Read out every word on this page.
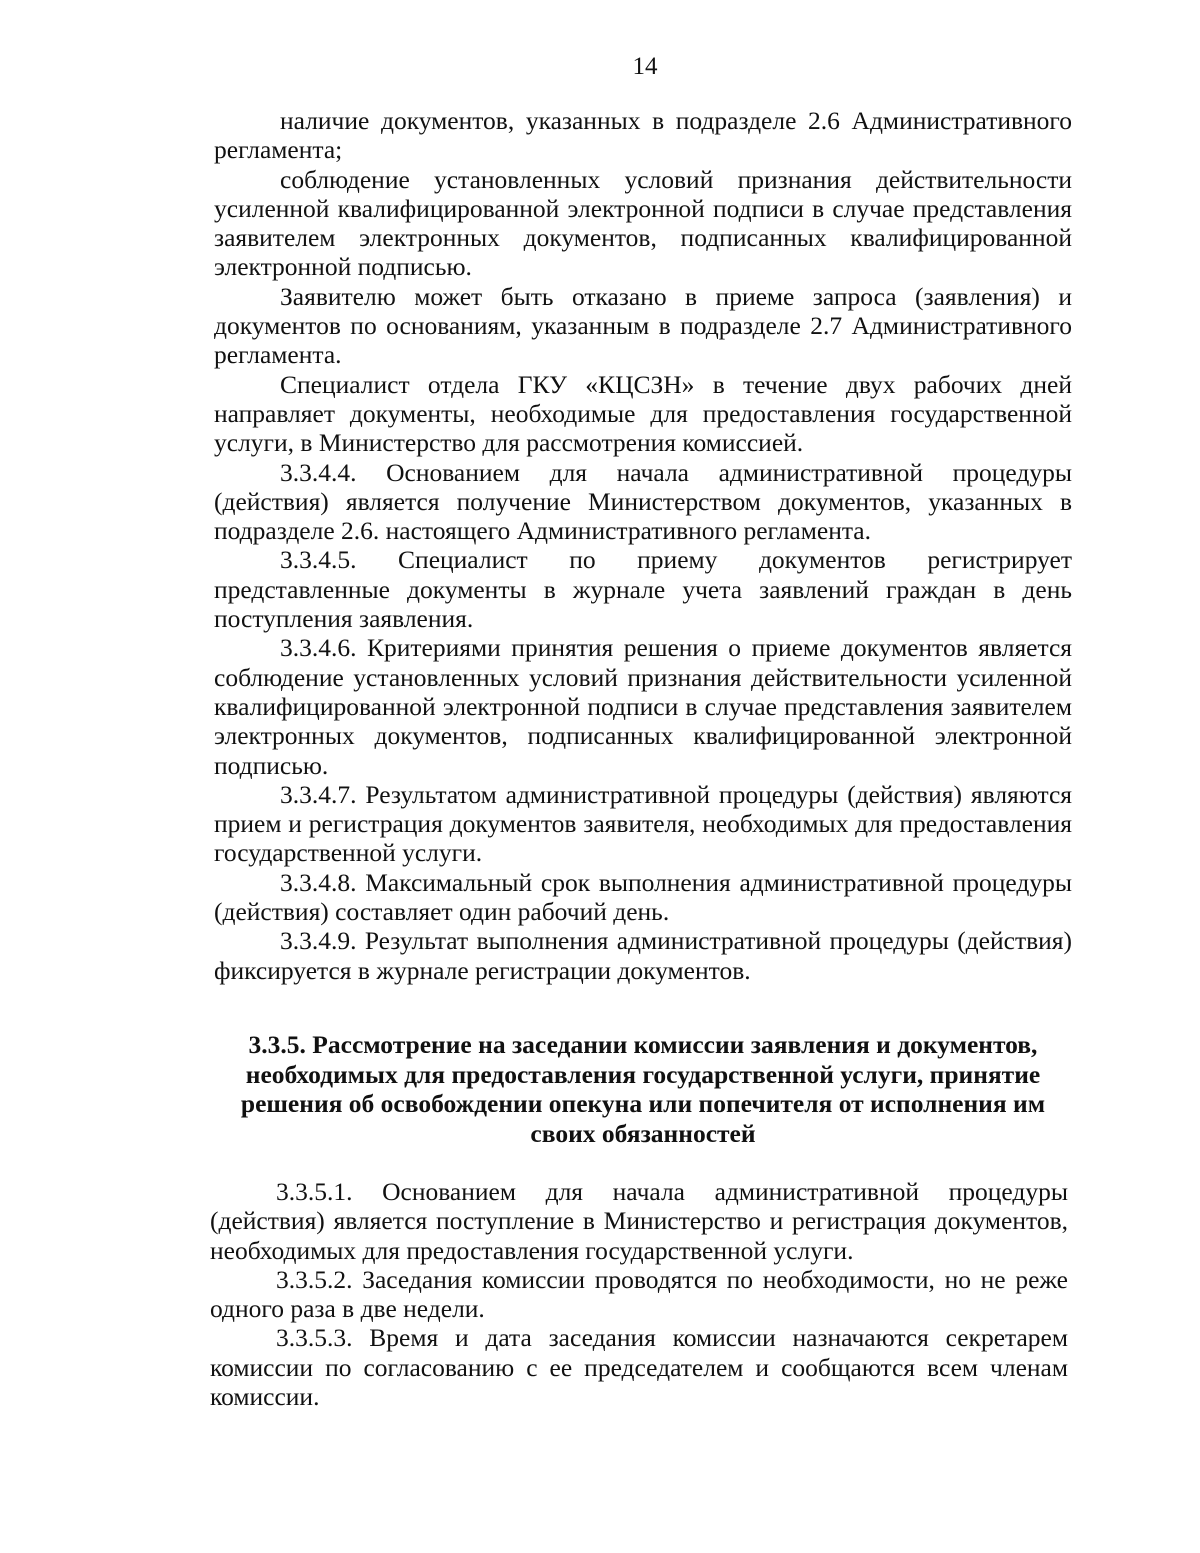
14

наличие документов, указанных в подразделе 2.6 Административного регламента;

соблюдение установленных условий признания действительности усиленной квалифицированной электронной подписи в случае представления заявителем электронных документов, подписанных квалифицированной электронной подписью.

Заявителю может быть отказано в приеме запроса (заявления) и документов по основаниям, указанным в подразделе 2.7 Административного регламента.

Специалист отдела ГКУ «КЦСЗН» в течение двух рабочих дней направляет документы, необходимые для предоставления государственной услуги, в Министерство для рассмотрения комиссией.

3.3.4.4. Основанием для начала административной процедуры (действия) является получение Министерством документов, указанных в подразделе 2.6. настоящего Административного регламента.

3.3.4.5. Специалист по приему документов регистрирует представленные документы в журнале учета заявлений граждан в день поступления заявления.

3.3.4.6. Критериями принятия решения о приеме документов является соблюдение установленных условий признания действительности усиленной квалифицированной электронной подписи в случае представления заявителем электронных документов, подписанных квалифицированной электронной подписью.

3.3.4.7. Результатом административной процедуры (действия) являются прием и регистрация документов заявителя, необходимых для предоставления государственной услуги.

3.3.4.8. Максимальный срок выполнения административной процедуры (действия) составляет один рабочий день.

3.3.4.9. Результат выполнения административной процедуры (действия) фиксируется в журнале регистрации документов.

3.3.5. Рассмотрение на заседании комиссии заявления и документов, необходимых для предоставления государственной услуги, принятие решения об освобождении опекуна или попечителя от исполнения им своих обязанностей

3.3.5.1. Основанием для начала административной процедуры (действия) является поступление в Министерство и регистрация документов, необходимых для предоставления государственной услуги.

3.3.5.2. Заседания комиссии проводятся по необходимости, но не реже одного раза в две недели.

3.3.5.3. Время и дата заседания комиссии назначаются секретарем комиссии по согласованию с ее председателем и сообщаются всем членам комиссии.
